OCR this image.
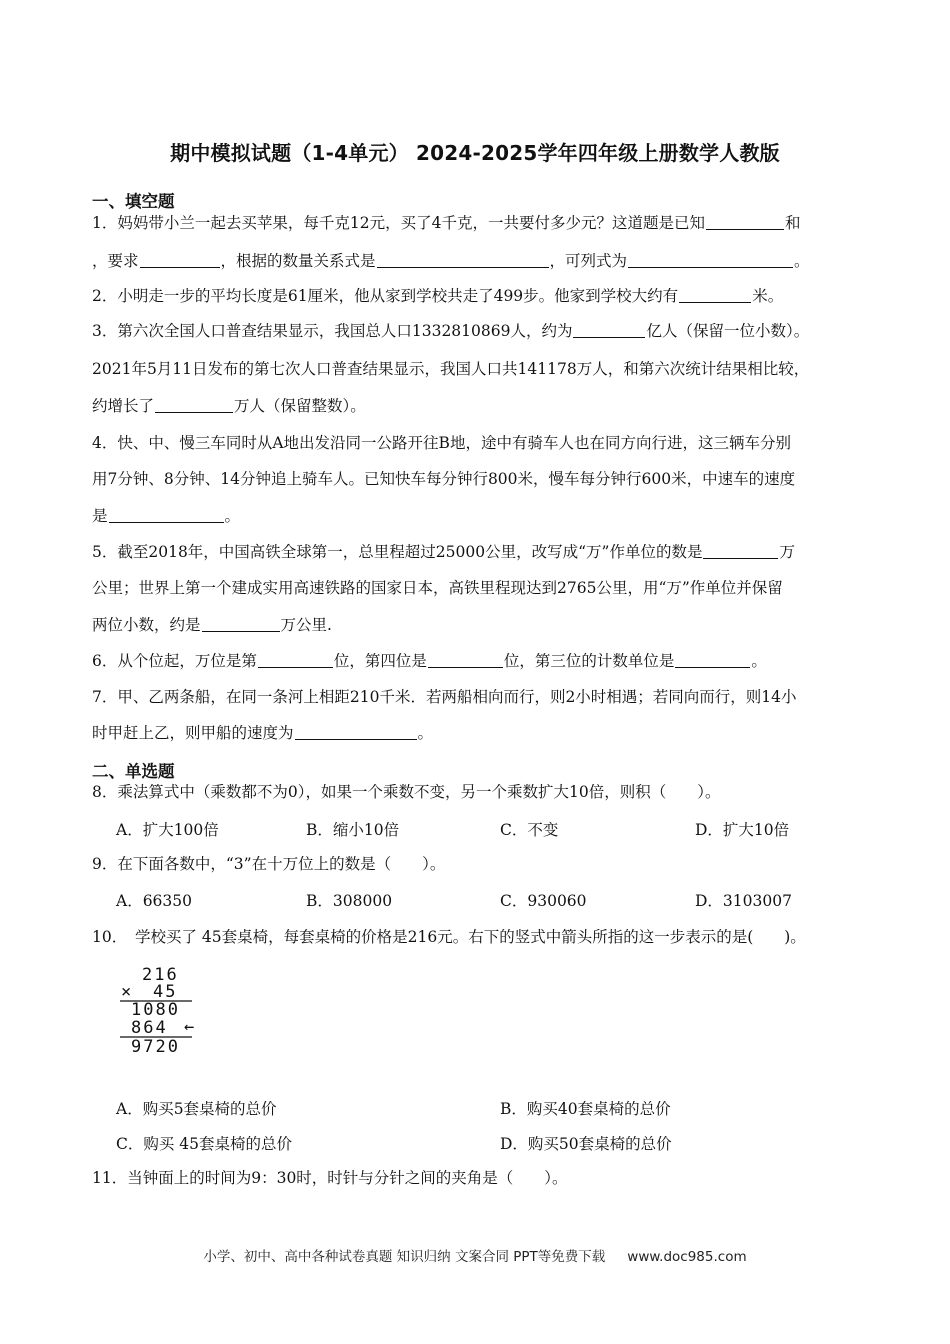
期中模拟试题（1-4单元） 2024-2025学年四年级上册数学人教版
一、填空题
1．妈妈带小兰一起去买苹果，每千克12元，买了4千克，一共要付多少元？这道题是已知	和
，要求	，根据的数量关系式是	，可列式为	。
2．小明走一步的平均长度是61厘米，他从家到学校共走了499步。他家到学校大约有	米。
3．第六次全国人口普查结果显示，我国总人口1332810869人，约为	亿人（保留一位小数）。
2021年5月11日发布的第七次人口普查结果显示，我国人口共141178万人，和第六次统计结果相比较，
约增长了	万人（保留整数）。
4．快、中、慢三车同时从A地出发沿同一公路开往B地，途中有骑车人也在同方向行进，这三辆车分别
用7分钟、8分钟、14分钟追上骑车人。已知快车每分钟行800米，慢车每分钟行600米，中速车的速度
是	。
5．截至2018年，中国高铁全球第一，总里程超过25000公里，改写成“万”作单位的数是	万
公里；世界上第一个建成实用高速铁路的国家日本，高铁里程现达到2765公里，用“万”作单位并保留
两位小数，约是	万公里.
6．从个位起，万位是第	位，第四位是	位，第三位的计数单位是	。
7．甲、乙两条船，在同一条河上相距210千米．若两船相向而行，则2小时相遇；若同向而行，则14小
时甲赶上乙，则甲船的速度为	。
二、单选题
8．乘法算式中（乘数都不为0），如果一个乘数不变，另一个乘数扩大10倍，则积（　　）。
A．扩大100倍	B．缩小10倍	C．不变	D．扩大10倍
9．在下面各数中，“3”在十万位上的数是（　　）。
A．66350	B．308000	C．930060	D．3103007
10．　学校买了 45套桌椅，每套桌椅的价格是216元。右下的竖式中箭头所指的这一步表示的是(　　)。
216
× 45
1080
864 ←
9720
A．购买5套桌椅的总价	B．购买40套桌椅的总价
C．购买 45套桌椅的总价	D．购买50套桌椅的总价
11．当钟面上的时间为9：30时，时针与分针之间的夹角是（　　）。
小学、初中、高中各种试卷真题 知识归纳 文案合同 PPT等免费下载 www.doc985.com
